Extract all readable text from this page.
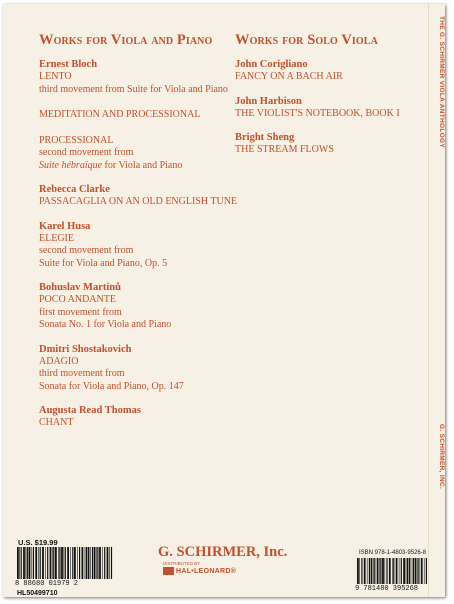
Works for Viola and Piano Works for Solo Viola
Ernest Bloch
LENTO
third movement from Suite for Viola and Piano
MEDITATION AND PROCESSIONAL
PROCESSIONAL
second movement from
Suite hébraïque for Viola and Piano
Rebecca Clarke
PASSACAGLIA ON AN OLD ENGLISH TUNE
Karel Husa
ELEGIE
second movement from
Suite for Viola and Piano, Op. 5
Bohuslav Martinů
POCO ANDANTE
first movement from
Sonata No. 1 for Viola and Piano
Dmitri Shostakovich
ADAGIO
third movement from
Sonata for Viola and Piano, Op. 147
Augusta Read Thomas
CHANT
John Corigliano
FANCY ON A BACH AIR
John Harbison
THE VIOLIST'S NOTEBOOK, BOOK I
Bright Sheng
THE STREAM FLOWS
THE G. SCHIRMER VIOLA ANTHOLOGY
G. SCHIRMER, INC.
U.S. $19.99
8 88680 01979 2
HL50499710
G. SCHIRMER, Inc.
DISTRIBUTED BY
HAL•LEONARD®
ISBN 978-1-4803-9526-8
9 781480 395268
